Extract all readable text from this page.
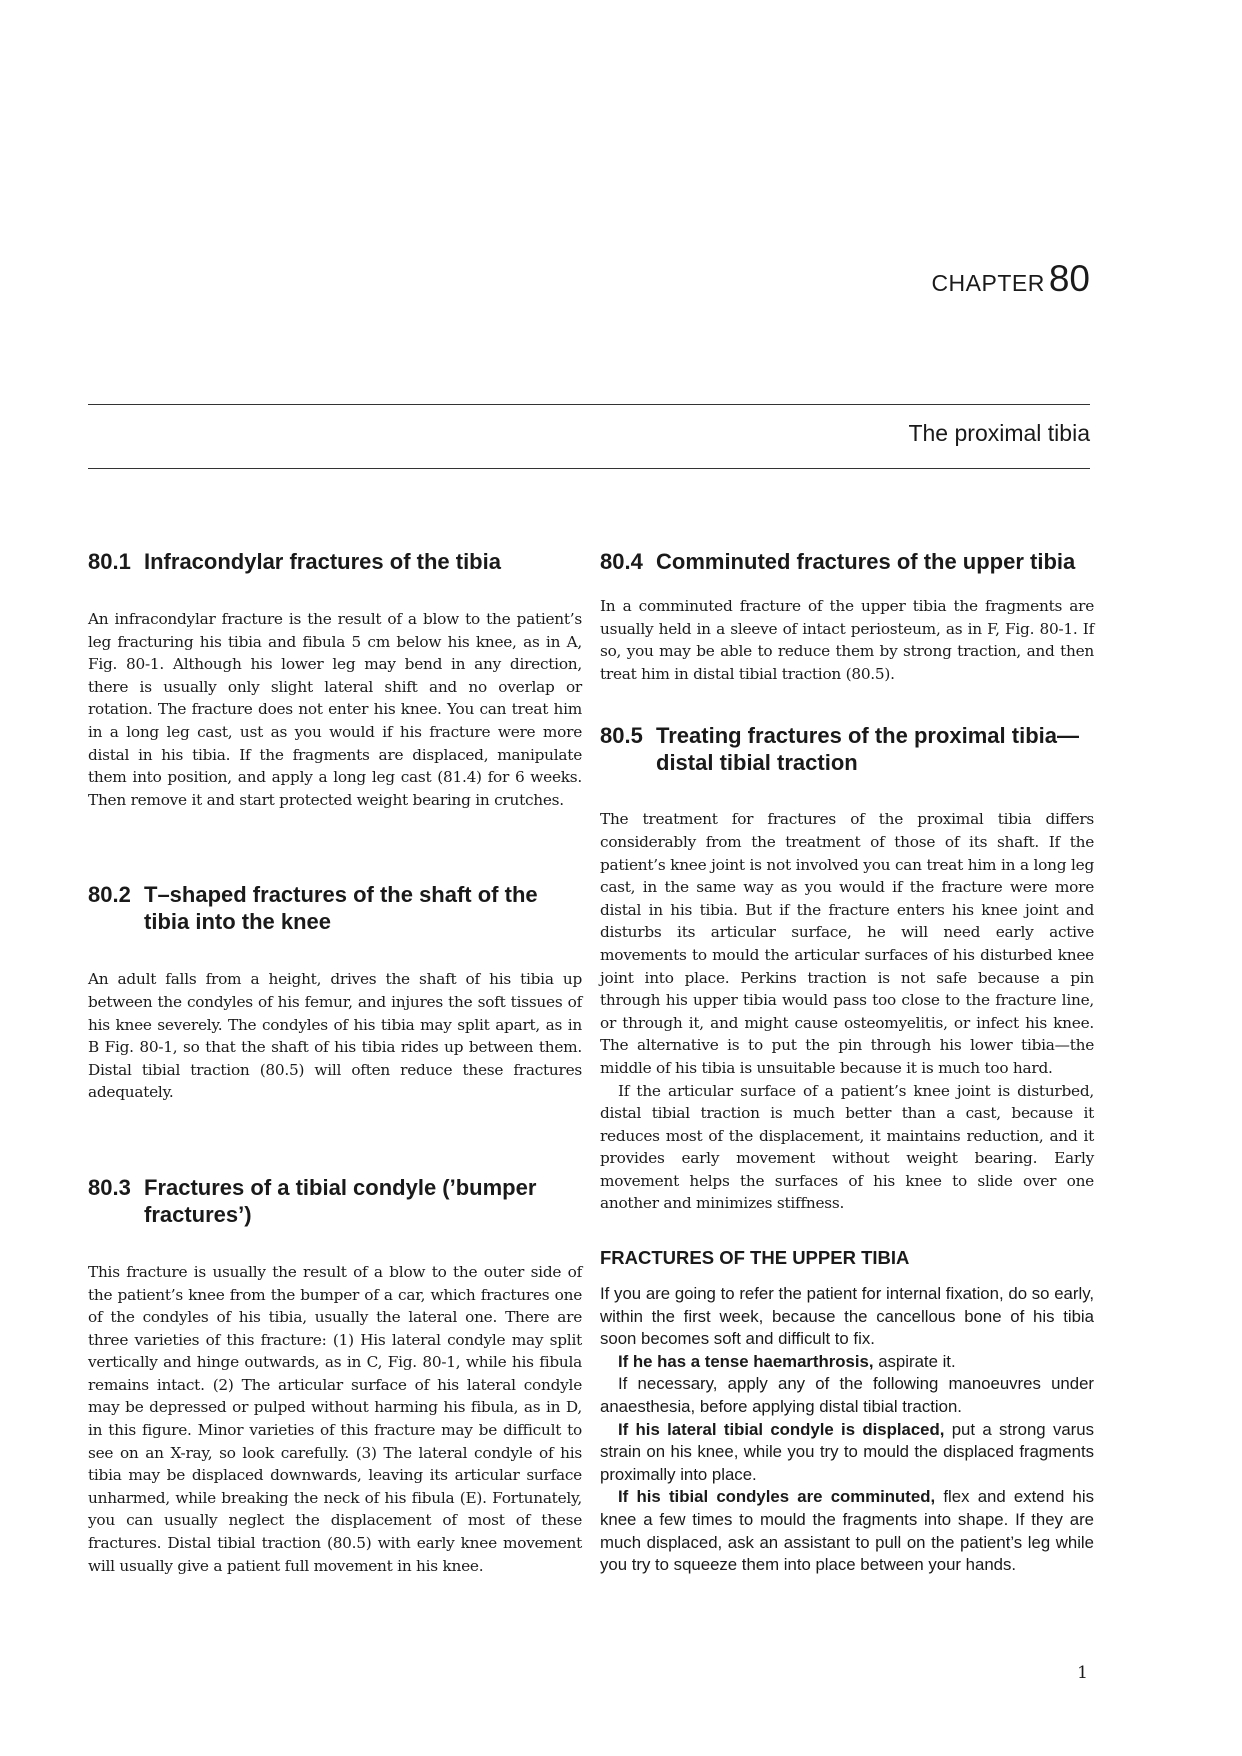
CHAPTER 80
The proximal tibia
80.1 Infracondylar fractures of the tibia

An infracondylar fracture is the result of a blow to the patient’s leg fracturing his tibia and fibula 5 cm below his knee, as in A, Fig. 80-1. Although his lower leg may bend in any direction, there is usually only slight lateral shift and no overlap or rotation. The fracture does not enter his knee. You can treat him in a long leg cast, ust as you would if his fracture were more distal in his tibia. If the fragments are displaced, manipulate them into position, and apply a long leg cast (81.4) for 6 weeks. Then remove it and start protected weight bearing in crutches.

80.2 T–shaped fractures of the shaft of the tibia into the knee

An adult falls from a height, drives the shaft of his tibia up between the condyles of his femur, and injures the soft tissues of his knee severely. The condyles of his tibia may split apart, as in B Fig. 80-1, so that the shaft of his tibia rides up between them. Distal tibial traction (80.5) will often reduce these fractures adequately.

80.3 Fractures of a tibial condyle (’bumper fractures’)

This fracture is usually the result of a blow to the outer side of the patient’s knee from the bumper of a car, which fractures one of the condyles of his tibia, usually the lateral one. There are three varieties of this fracture: (1) His lateral condyle may split vertically and hinge outwards, as in C, Fig. 80-1, while his fibula remains intact. (2) The articular surface of his lateral condyle may be depressed or pulped without harming his fibula, as in D, in this figure. Minor varieties of this fracture may be difficult to see on an X-ray, so look carefully. (3) The lateral condyle of his tibia may be displaced downwards, leaving its articular surface unharmed, while breaking the neck of his fibula (E). Fortunately, you can usually neglect the displacement of most of these fractures. Distal tibial traction (80.5) with early knee movement will usually give a patient full movement in his knee.

80.4 Comminuted fractures of the upper tibia

In a comminuted fracture of the upper tibia the fragments are usually held in a sleeve of intact periosteum, as in F, Fig. 80-1. If so, you may be able to reduce them by strong traction, and then treat him in distal tibial traction (80.5).

80.5 Treating fractures of the proximal tibia—distal tibial traction

The treatment for fractures of the proximal tibia differs considerably from the treatment of those of its shaft. If the patient’s knee joint is not involved you can treat him in a long leg cast, in the same way as you would if the fracture were more distal in his tibia. But if the fracture enters his knee joint and disturbs its articular surface, he will need early active movements to mould the articular surfaces of his disturbed knee joint into place. Perkins traction is not safe because a pin through his upper tibia would pass too close to the fracture line, or through it, and might cause osteomyelitis, or infect his knee. The alternative is to put the pin through his lower tibia—the middle of his tibia is unsuitable because it is much too hard.

If the articular surface of a patient’s knee joint is disturbed, distal tibial traction is much better than a cast, because it reduces most of the displacement, it maintains reduction, and it provides early movement without weight bearing. Early movement helps the surfaces of his knee to slide over one another and minimizes stiffness.

FRACTURES OF THE UPPER TIBIA

If you are going to refer the patient for internal fixation, do so early, within the first week, because the cancellous bone of his tibia soon becomes soft and difficult to fix.

If he has a tense haemarthrosis, aspirate it.

If necessary, apply any of the following manoeuvres under anaesthesia, before applying distal tibial traction.

If his lateral tibial condyle is displaced, put a strong varus strain on his knee, while you try to mould the displaced fragments proximally into place.

If his tibial condyles are comminuted, flex and extend his knee a few times to mould the fragments into shape. If they are much displaced, ask an assistant to pull on the patient’s leg while you try to squeeze them into place between your hands.

1
